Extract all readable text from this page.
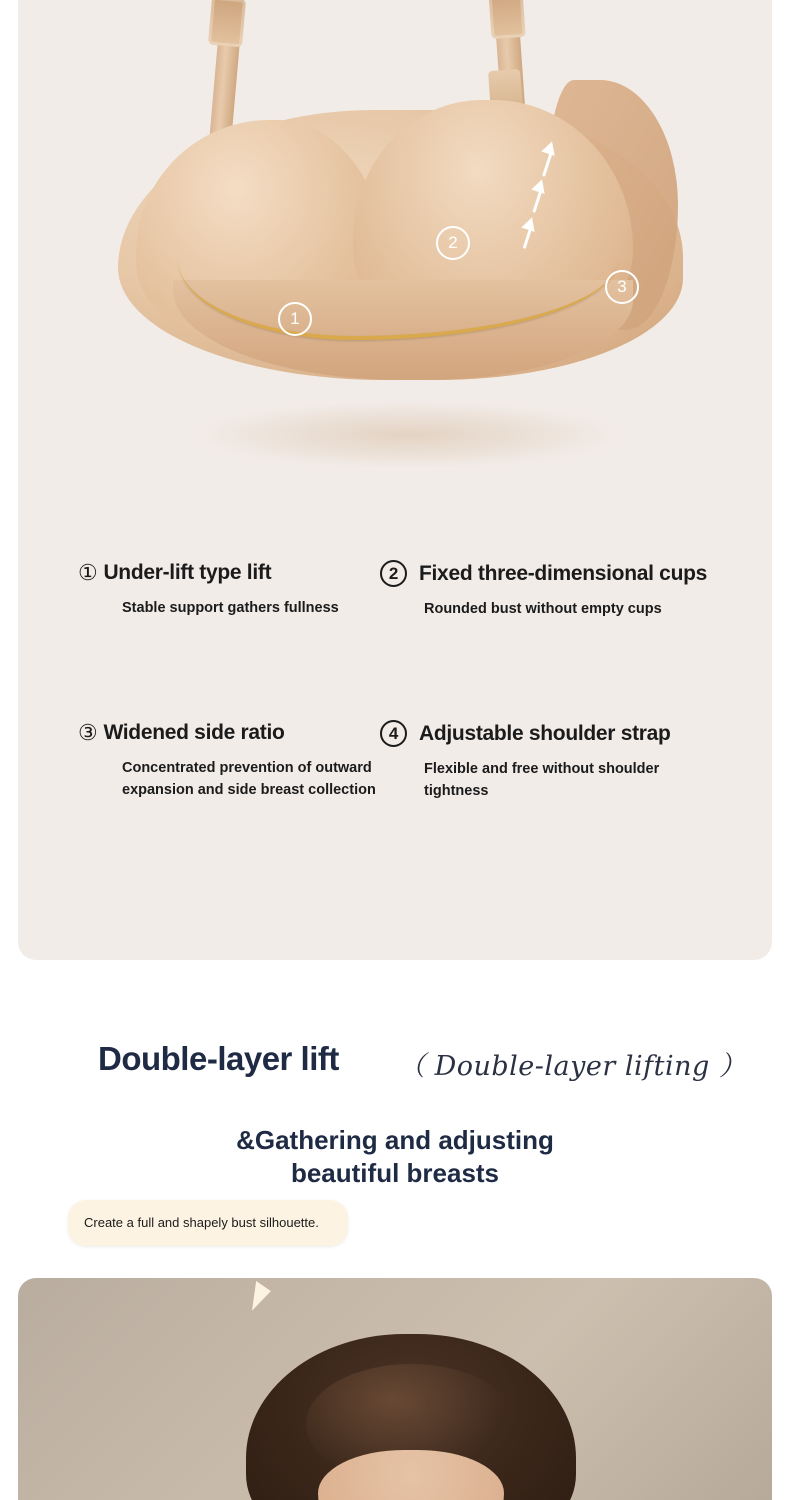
1
2
3
① Under-lift type lift
Stable support gathers fullness
2 Fixed three-dimensional cups
Rounded bust without empty cups
③ Widened side ratio
Concentrated prevention of outward expansion and side breast collection
4 Adjustable shoulder strap
Flexible and free without shoulder tightness
Double-layer lift （ Double-layer lifting ）
&Gathering and adjusting
beautiful breasts
Create a full and shapely bust silhouette.
